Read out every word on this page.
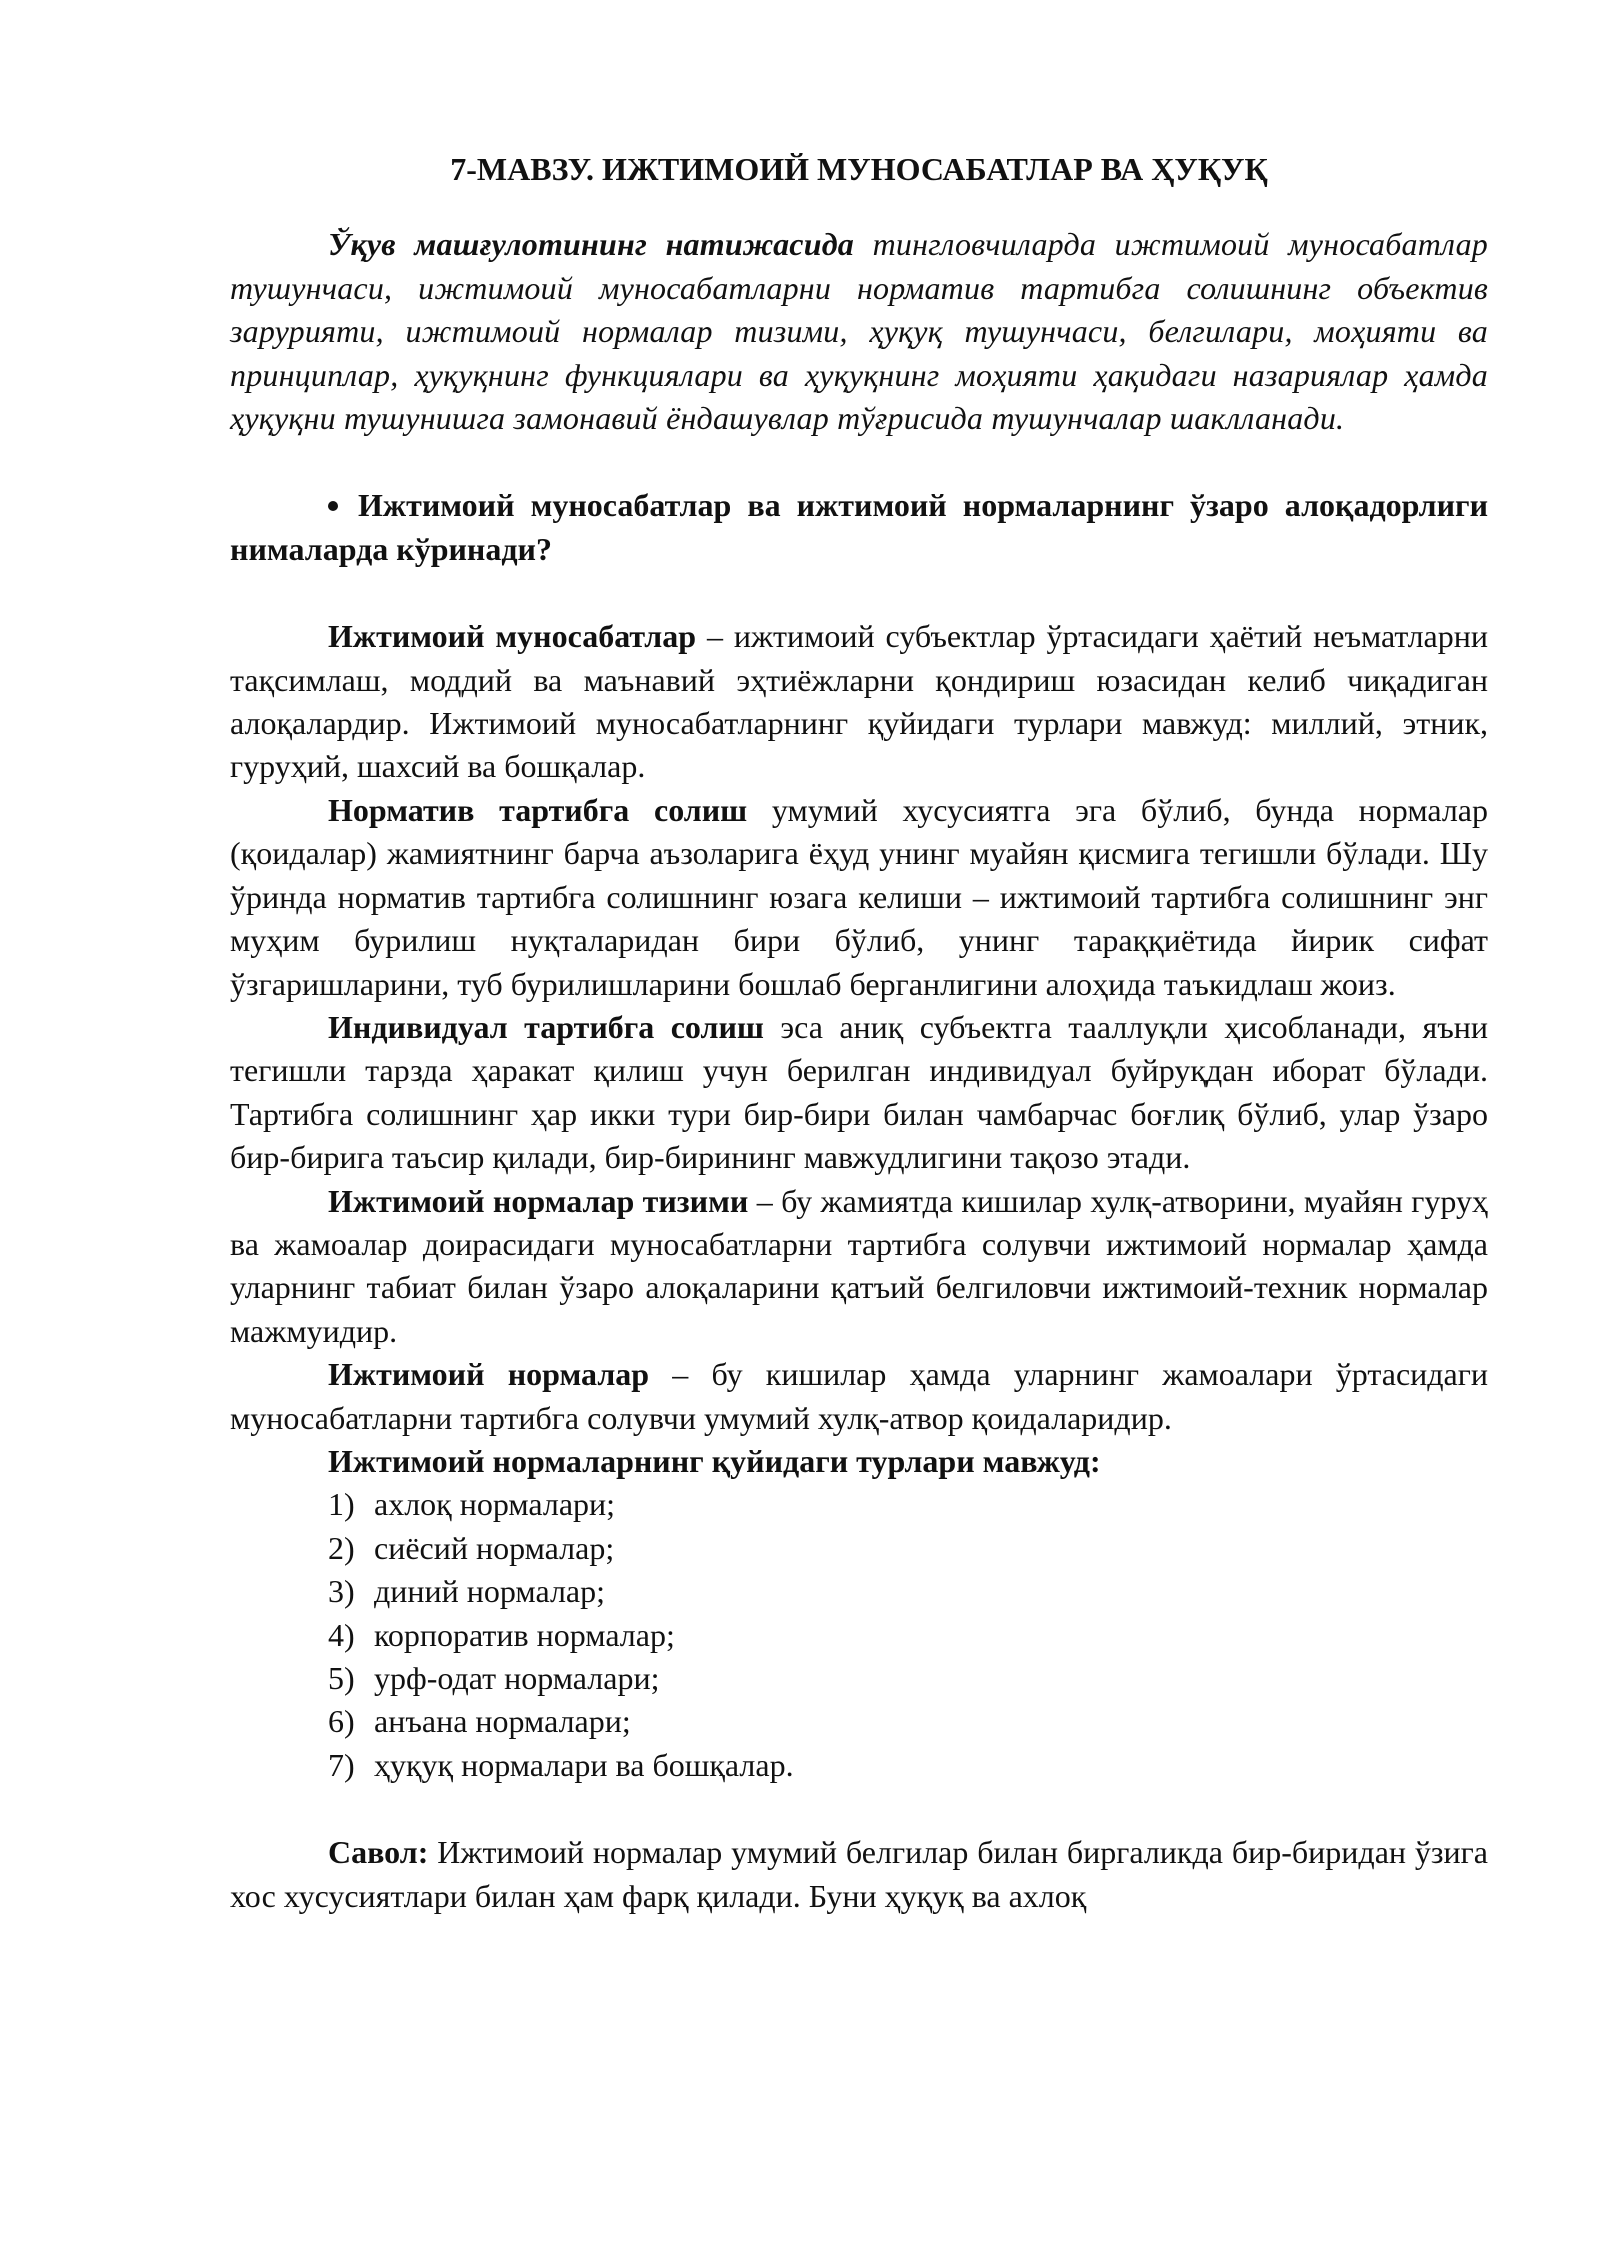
7-МАВЗУ. ИЖТИМОИЙ МУНОСАБАТЛАР ВА ҲУҚУҚ

Ўқув машғулотининг натижасида тингловчиларда ижтимоий муносабатлар тушунчаси, ижтимоий муносабатларни норматив тартибга солишнинг объектив зарурияти, ижтимоий нормалар тизими, ҳуқуқ тушунчаси, белгилари, моҳияти ва принциплар, ҳуқуқнинг функциялари ва ҳуқуқнинг моҳияти ҳақидаги назариялар ҳамда ҳуқуқни тушунишга замонавий ёндашувлар тўғрисида тушунчалар шаклланади.

Ижтимоий муносабатлар ва ижтимоий нормаларнинг ўзаро алоқадорлиги нималарда кўринади?

Ижтимоий муносабатлар – ижтимоий субъектлар ўртасидаги ҳаётий неъматларни тақсимлаш, моддий ва маънавий эҳтиёжларни қондириш юзасидан келиб чиқадиган алоқалардир. Ижтимоий муносабатларнинг қуйидаги турлари мавжуд: миллий, этник, гуруҳий, шахсий ва бошқалар.

Норматив тартибга солиш умумий хусусиятга эга бўлиб, бунда нормалар (қоидалар) жамиятнинг барча аъзоларига ёҳуд унинг муайян қисмига тегишли бўлади. Шу ўринда норматив тартибга солишнинг юзага келиши – ижтимоий тартибга солишнинг энг муҳим бурилиш нуқталаридан бири бўлиб, унинг тараққиётида йирик сифат ўзгаришларини, туб бурилишларини бошлаб берганлигини алоҳида таъкидлаш жоиз.

Индивидуал тартибга солиш эса аниқ субъектга тааллуқли ҳисобланади, яъни тегишли тарзда ҳаракат қилиш учун берилган индивидуал буйруқдан иборат бўлади. Тартибга солишнинг ҳар икки тури бир-бири билан чамбарчас боғлиқ бўлиб, улар ўзаро бир-бирига таъсир қилади, бир-бирининг мавжудлигини тақозо этади.

Ижтимоий нормалар тизими – бу жамиятда кишилар хулқ-атворини, муайян гуруҳ ва жамоалар доирасидаги муносабатларни тартибга солувчи ижтимоий нормалар ҳамда уларнинг табиат билан ўзаро алоқаларини қатъий белгиловчи ижтимоий-техник нормалар мажмуидир.

Ижтимоий нормалар – бу кишилар ҳамда уларнинг жамоалари ўртасидаги муносабатларни тартибга солувчи умумий хулқ-атвор қоидаларидир.

Ижтимоий нормаларнинг қуйидаги турлари мавжуд:

1) ахлоқ нормалари;
2) сиёсий нормалар;
3) диний нормалар;
4) корпоратив нормалар;
5) урф-одат нормалари;
6) анъана нормалари;
7) ҳуқуқ нормалари ва бошқалар.

Савол: Ижтимоий нормалар умумий белгилар билан биргаликда бир-биридан ўзига хос хусусиятлари билан ҳам фарқ қилади. Буни ҳуқуқ ва ахлоқ
